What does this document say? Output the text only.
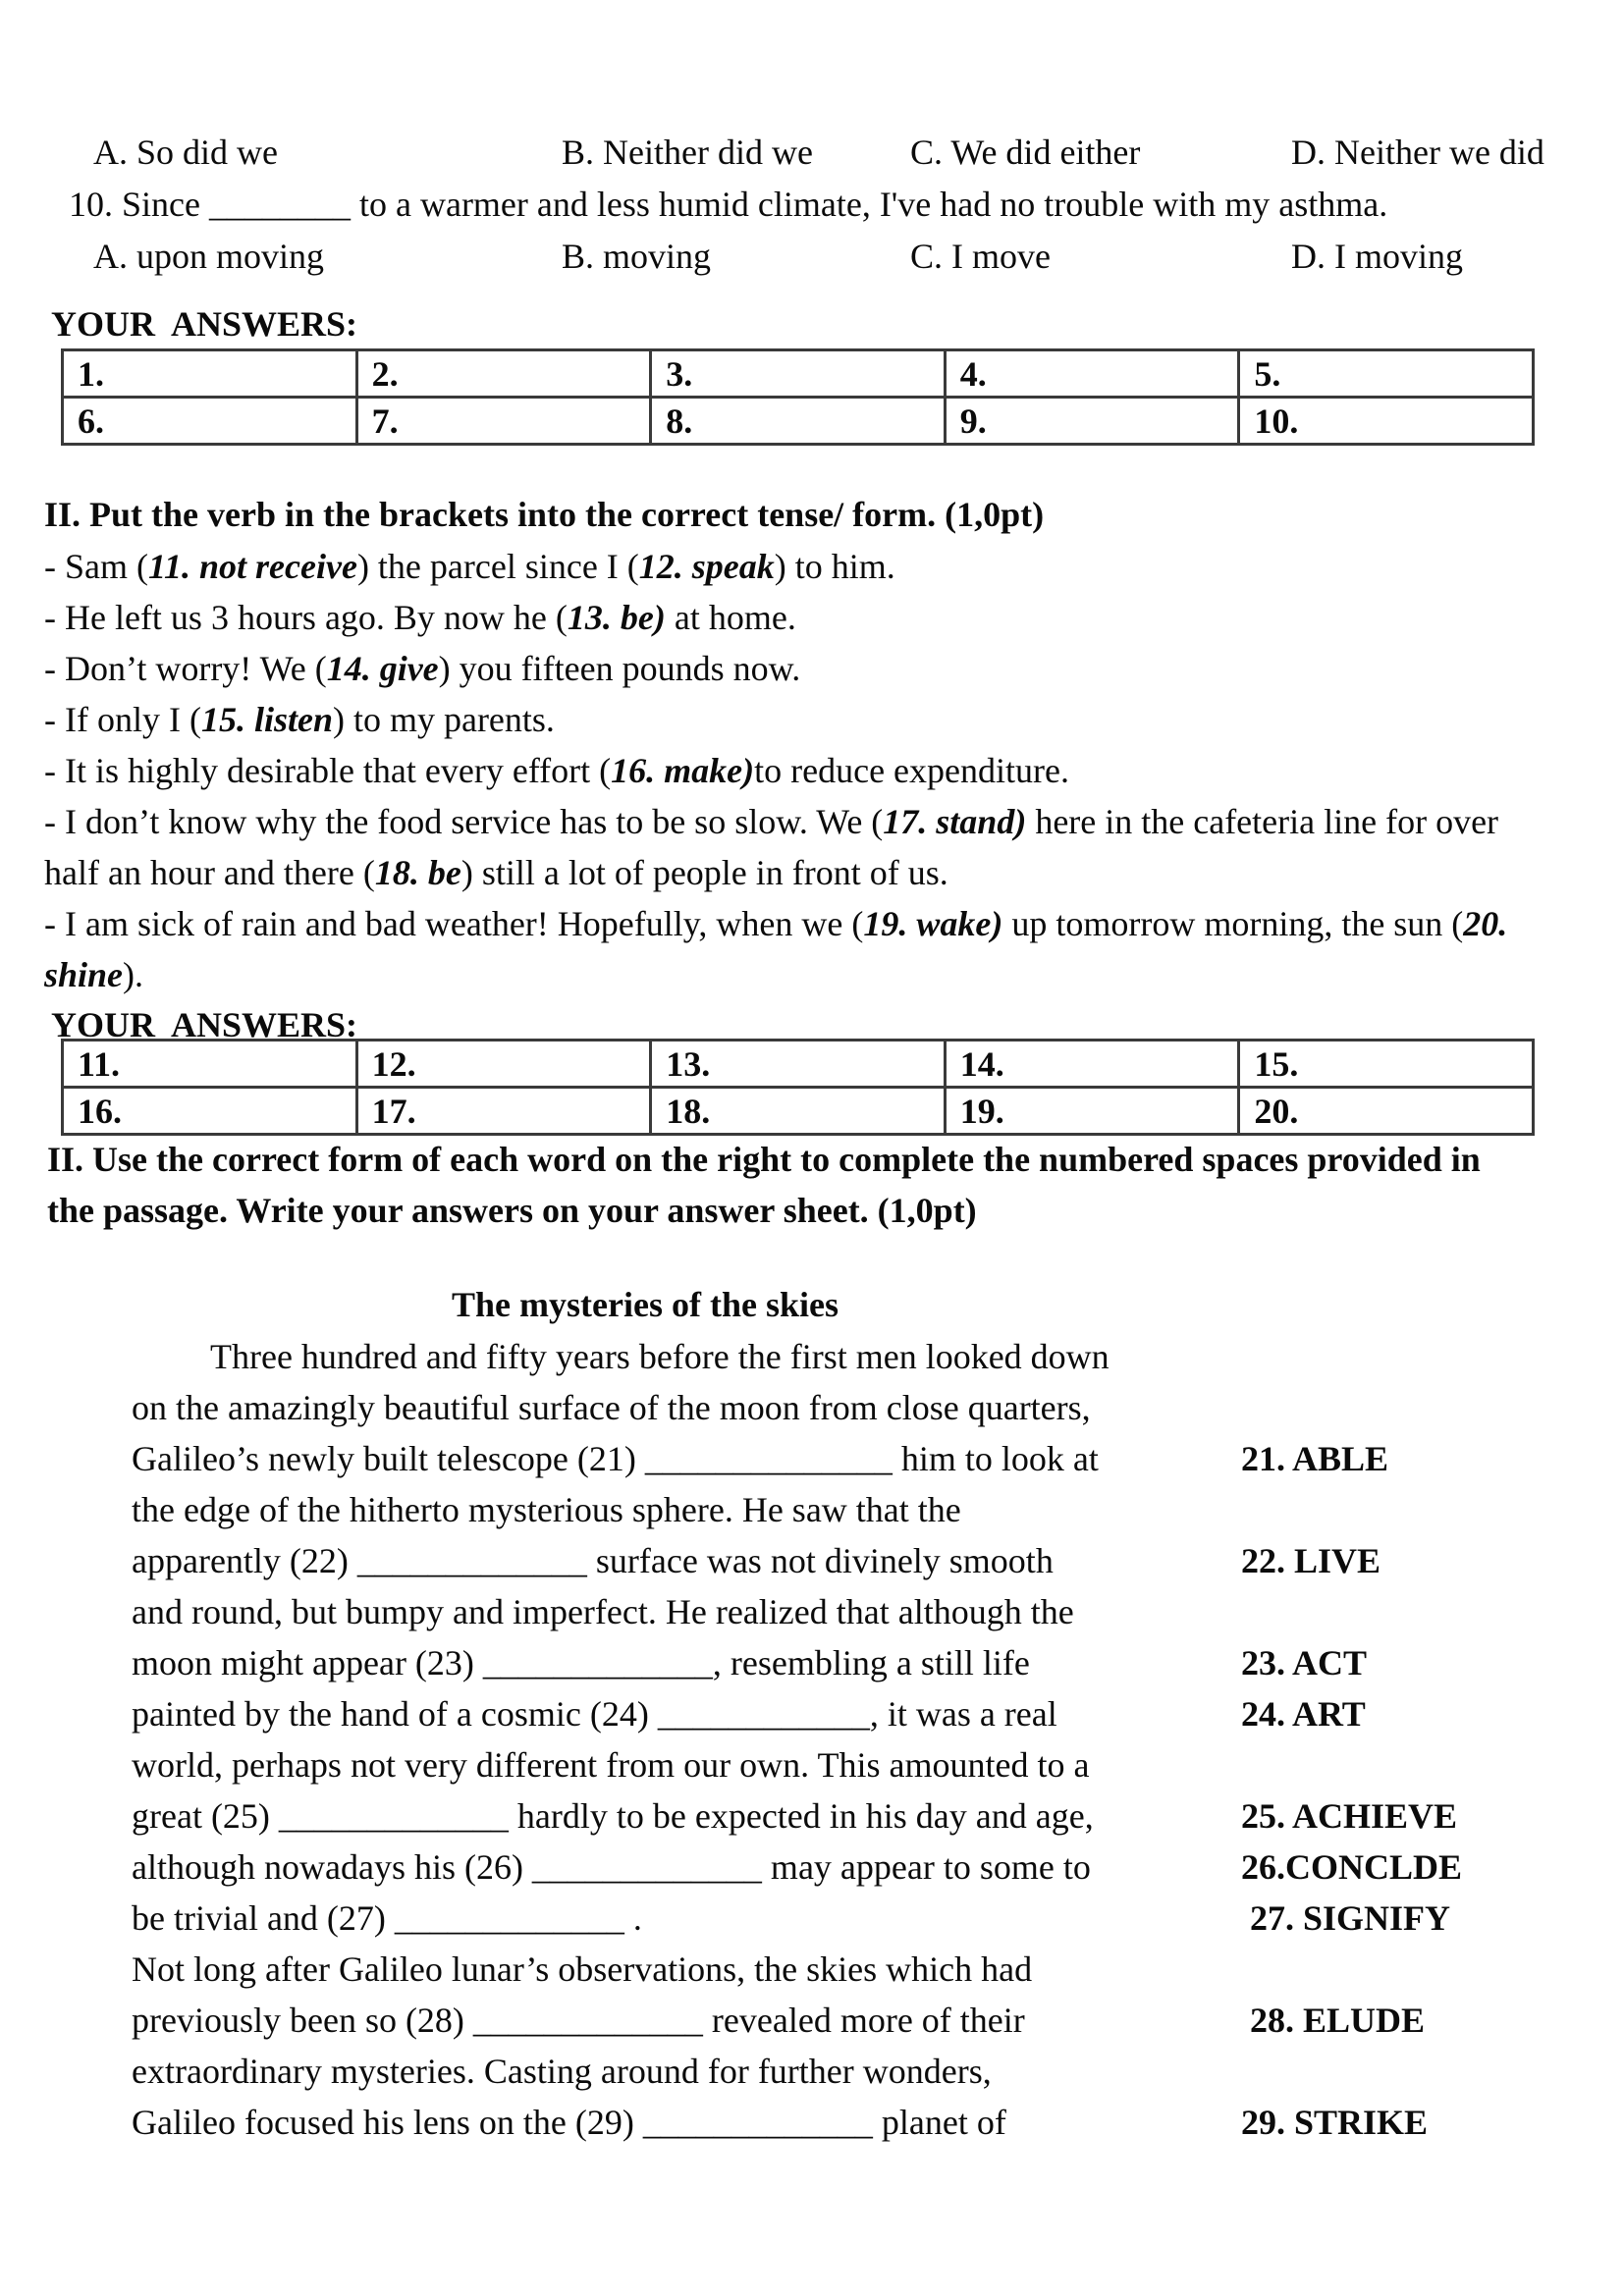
A. So did we	B. Neither did we	C. We did either	D. Neither we did
10. Since ________ to a warmer and less humid climate, I've had no trouble with my asthma.
A. upon moving	B. moving	C. I move	D. I moving
YOUR  ANSWERS:
1.	2.	3.	4.	5.
6.	7.	8.	9.	10.
II. Put the verb in the brackets into the correct tense/ form. (1,0pt)
- Sam (11. not receive) the parcel since I (12. speak) to him.
- He left us 3 hours ago. By now he (13. be) at home.
- Don’t worry! We (14. give) you fifteen pounds now.
- If only I (15. listen) to my parents.
- It is highly desirable that every effort (16. make)to reduce expenditure.
- I don’t know why the food service has to be so slow. We (17. stand) here in the cafeteria line for over
half an hour and there (18. be) still a lot of people in front of us.
- I am sick of rain and bad weather! Hopefully, when we (19. wake) up tomorrow morning, the sun (20.
shine).
YOUR  ANSWERS:
11.	12.	13.	14.	15.
16.	17.	18.	19.	20.
II. Use the correct form of each word on the right to complete the numbered spaces provided in
the passage. Write your answers on your answer sheet. (1,0pt)
The mysteries of the skies
Three hundred and fifty years before the first men looked down
on the amazingly beautiful surface of the moon from close quarters,
Galileo’s newly built telescope (21) ______________ him to look at	21. ABLE
the edge of the hitherto mysterious sphere. He saw that the
apparently (22) _____________ surface was not divinely smooth	22. LIVE
and round, but bumpy and imperfect. He realized that although the
moon might appear (23) _____________, resembling a still life	23. ACT
painted by the hand of a cosmic (24) ____________, it was a real	24. ART
world, perhaps not very different from our own. This amounted to a
great (25) _____________ hardly to be expected in his day and age,	25. ACHIEVE
although nowadays his (26) _____________ may appear to some to	26.CONCLDE
be trivial and (27) _____________ .	27. SIGNIFY
Not long after Galileo lunar’s observations, the skies which had
previously been so (28) _____________ revealed more of their	28. ELUDE
extraordinary mysteries. Casting around for further wonders,
Galileo focused his lens on the (29) _____________ planet of	29. STRIKE
